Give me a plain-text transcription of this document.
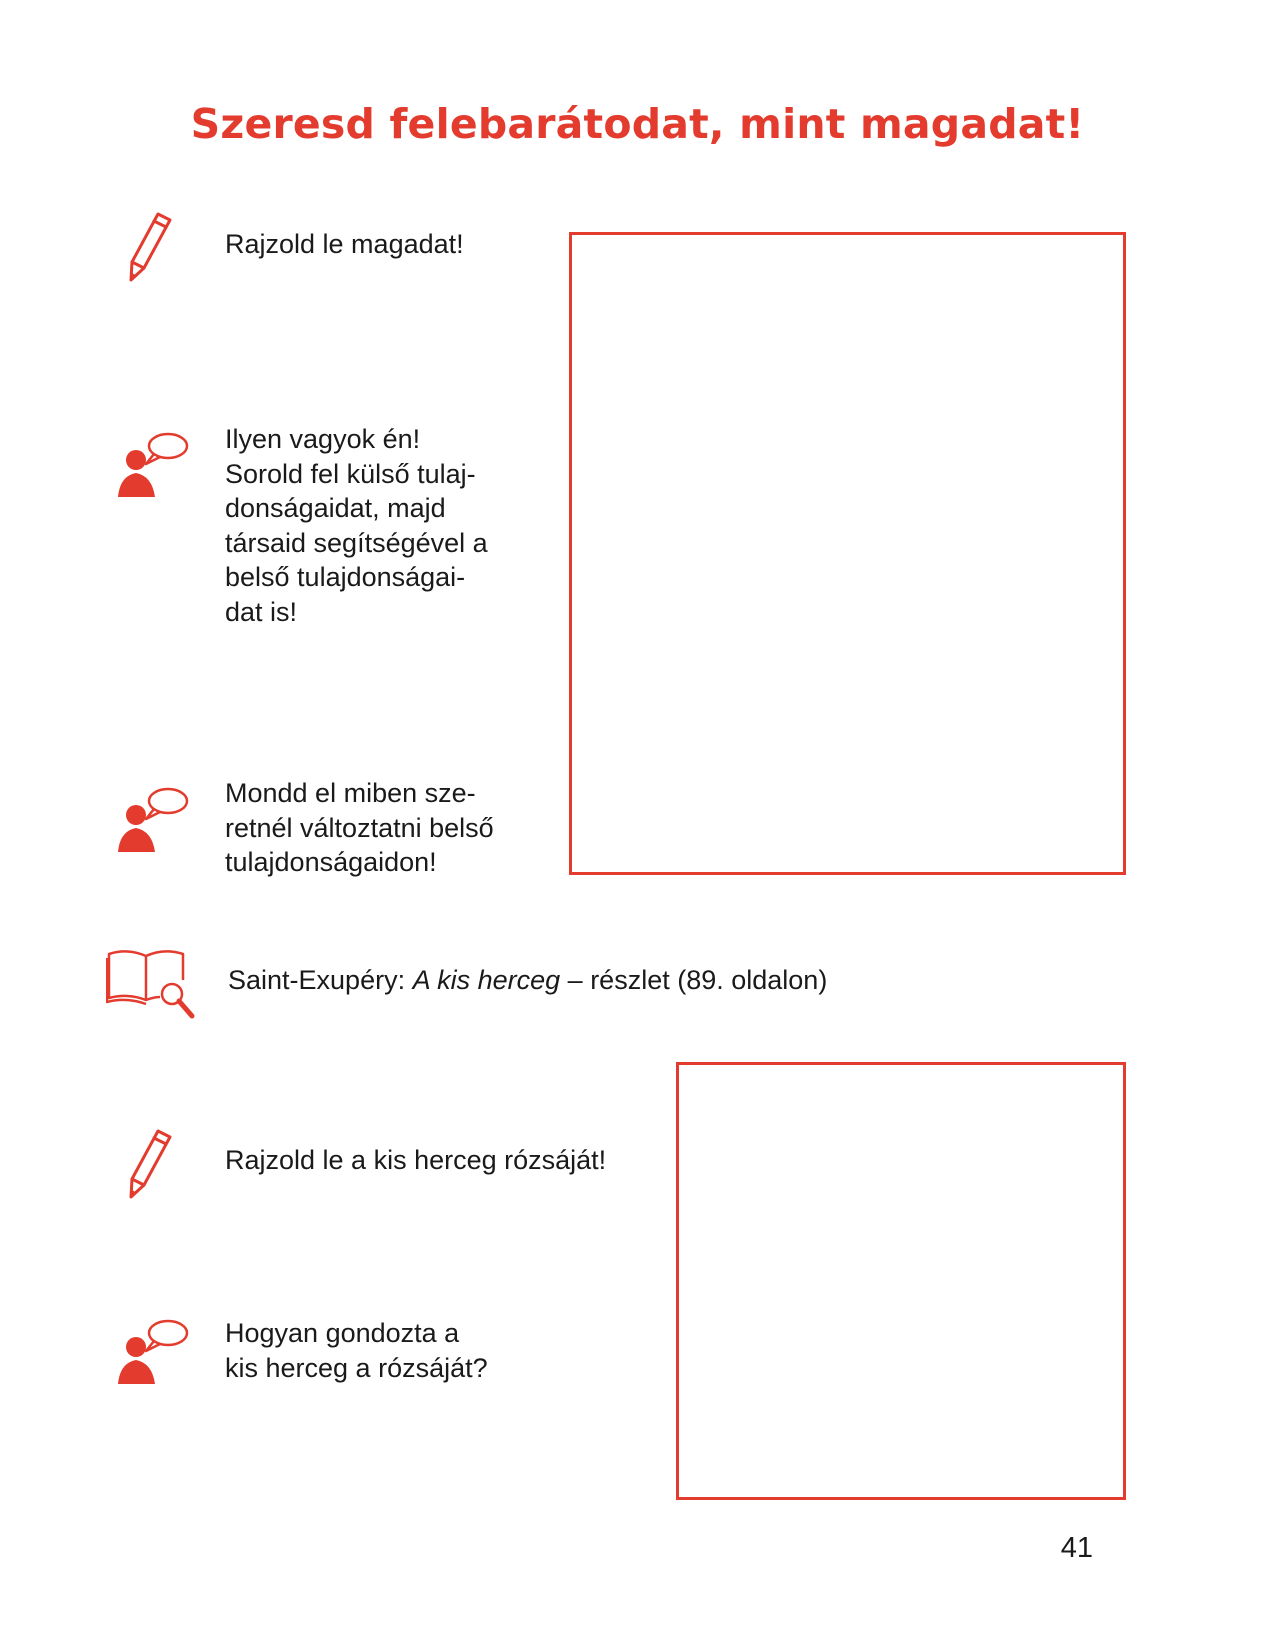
Szeresd felebarátodat, mint magadat!

Rajzold le magadat!

Ilyen vagyok én!
Sorold fel külső tulaj-
donságaidat, majd
társaid segítségével a
belső tulajdonságai-
dat is!

Mondd el miben sze-
retnél változtatni belső
tulajdonságaidon!

Saint-Exupéry: A kis herceg – részlet (89. oldalon)

Rajzold le a kis herceg rózsáját!

Hogyan gondozta a
kis herceg a rózsáját?

41
